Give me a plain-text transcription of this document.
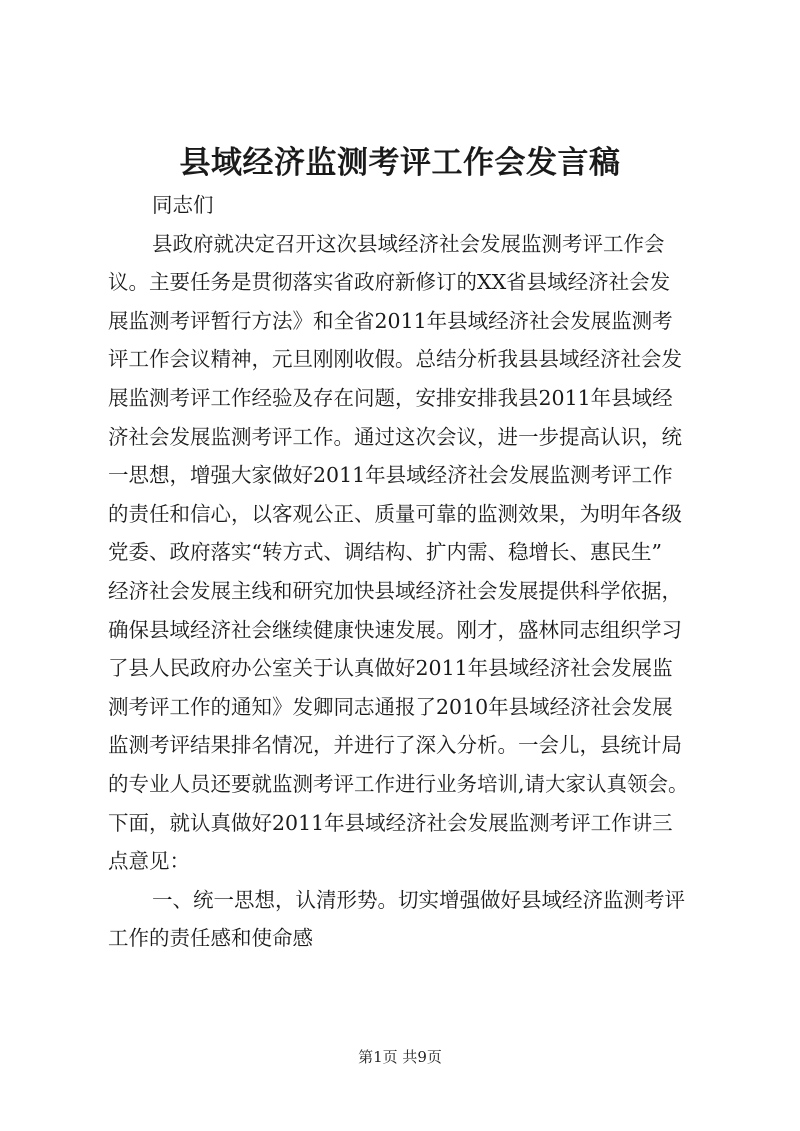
县域经济监测考评工作会发言稿
同志们
县政府就决定召开这次县域经济社会发展监测考评工作会
议。主要任务是贯彻落实省政府新修订的XX省县域经济社会发
展监测考评暂行方法》和全省2011年县域经济社会发展监测考
评工作会议精神，元旦刚刚收假。总结分析我县县域经济社会发
展监测考评工作经验及存在问题，安排安排我县2011年县域经
济社会发展监测考评工作。通过这次会议，进一步提高认识，统
一思想，增强大家做好2011年县域经济社会发展监测考评工作
的责任和信心，以客观公正、质量可靠的监测效果，为明年各级
党委、政府落实“转方式、调结构、扩内需、稳增长、惠民生”
经济社会发展主线和研究加快县域经济社会发展提供科学依据，
确保县域经济社会继续健康快速发展。刚才，盛林同志组织学习
了县人民政府办公室关于认真做好2011年县域经济社会发展监
测考评工作的通知》发卿同志通报了2010年县域经济社会发展
监测考评结果排名情况，并进行了深入分析。一会儿，县统计局
的专业人员还要就监测考评工作进行业务培训,请大家认真领会。
下面，就认真做好2011年县域经济社会发展监测考评工作讲三
点意见：
一、统一思想，认清形势。切实增强做好县域经济监测考评
工作的责任感和使命感
第1页 共9页
